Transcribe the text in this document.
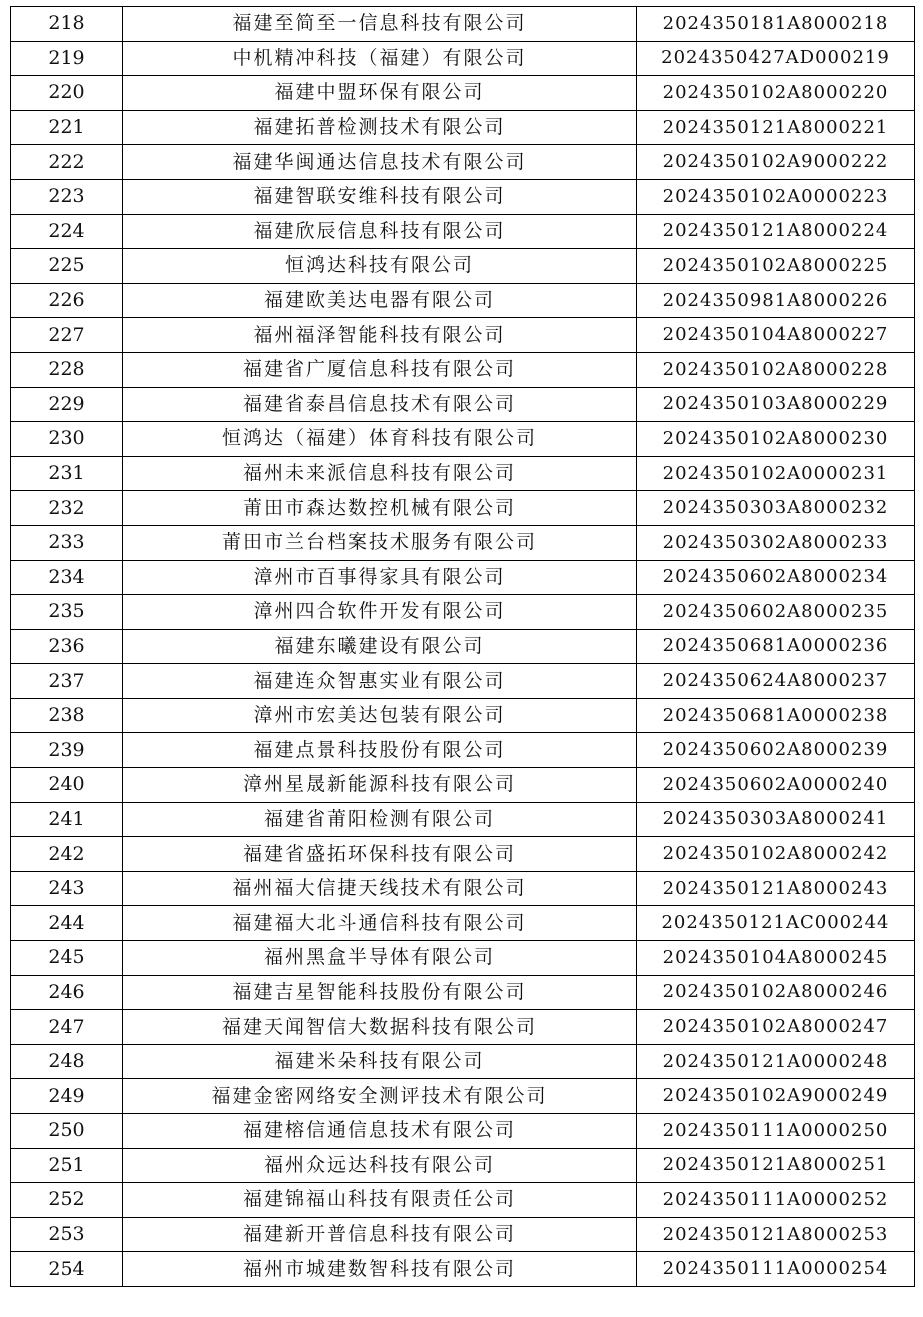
218	福建至简至一信息科技有限公司	2024350181A8000218
219	中机精冲科技（福建）有限公司	2024350427AD000219
220	福建中盟环保有限公司	2024350102A8000220
221	福建拓普检测技术有限公司	2024350121A8000221
222	福建华闽通达信息技术有限公司	2024350102A9000222
223	福建智联安维科技有限公司	2024350102A0000223
224	福建欣辰信息科技有限公司	2024350121A8000224
225	恒鸿达科技有限公司	2024350102A8000225
226	福建欧美达电器有限公司	2024350981A8000226
227	福州福泽智能科技有限公司	2024350104A8000227
228	福建省广厦信息科技有限公司	2024350102A8000228
229	福建省泰昌信息技术有限公司	2024350103A8000229
230	恒鸿达（福建）体育科技有限公司	2024350102A8000230
231	福州未来派信息科技有限公司	2024350102A0000231
232	莆田市森达数控机械有限公司	2024350303A8000232
233	莆田市兰台档案技术服务有限公司	2024350302A8000233
234	漳州市百事得家具有限公司	2024350602A8000234
235	漳州四合软件开发有限公司	2024350602A8000235
236	福建东曦建设有限公司	2024350681A0000236
237	福建连众智惠实业有限公司	2024350624A8000237
238	漳州市宏美达包装有限公司	2024350681A0000238
239	福建点景科技股份有限公司	2024350602A8000239
240	漳州星晟新能源科技有限公司	2024350602A0000240
241	福建省莆阳检测有限公司	2024350303A8000241
242	福建省盛拓环保科技有限公司	2024350102A8000242
243	福州福大信捷天线技术有限公司	2024350121A8000243
244	福建福大北斗通信科技有限公司	2024350121AC000244
245	福州黑盒半导体有限公司	2024350104A8000245
246	福建吉星智能科技股份有限公司	2024350102A8000246
247	福建天闻智信大数据科技有限公司	2024350102A8000247
248	福建米朵科技有限公司	2024350121A0000248
249	福建金密网络安全测评技术有限公司	2024350102A9000249
250	福建榕信通信息技术有限公司	2024350111A0000250
251	福州众远达科技有限公司	2024350121A8000251
252	福建锦福山科技有限责任公司	2024350111A0000252
253	福建新开普信息科技有限公司	2024350121A8000253
254	福州市城建数智科技有限公司	2024350111A0000254
